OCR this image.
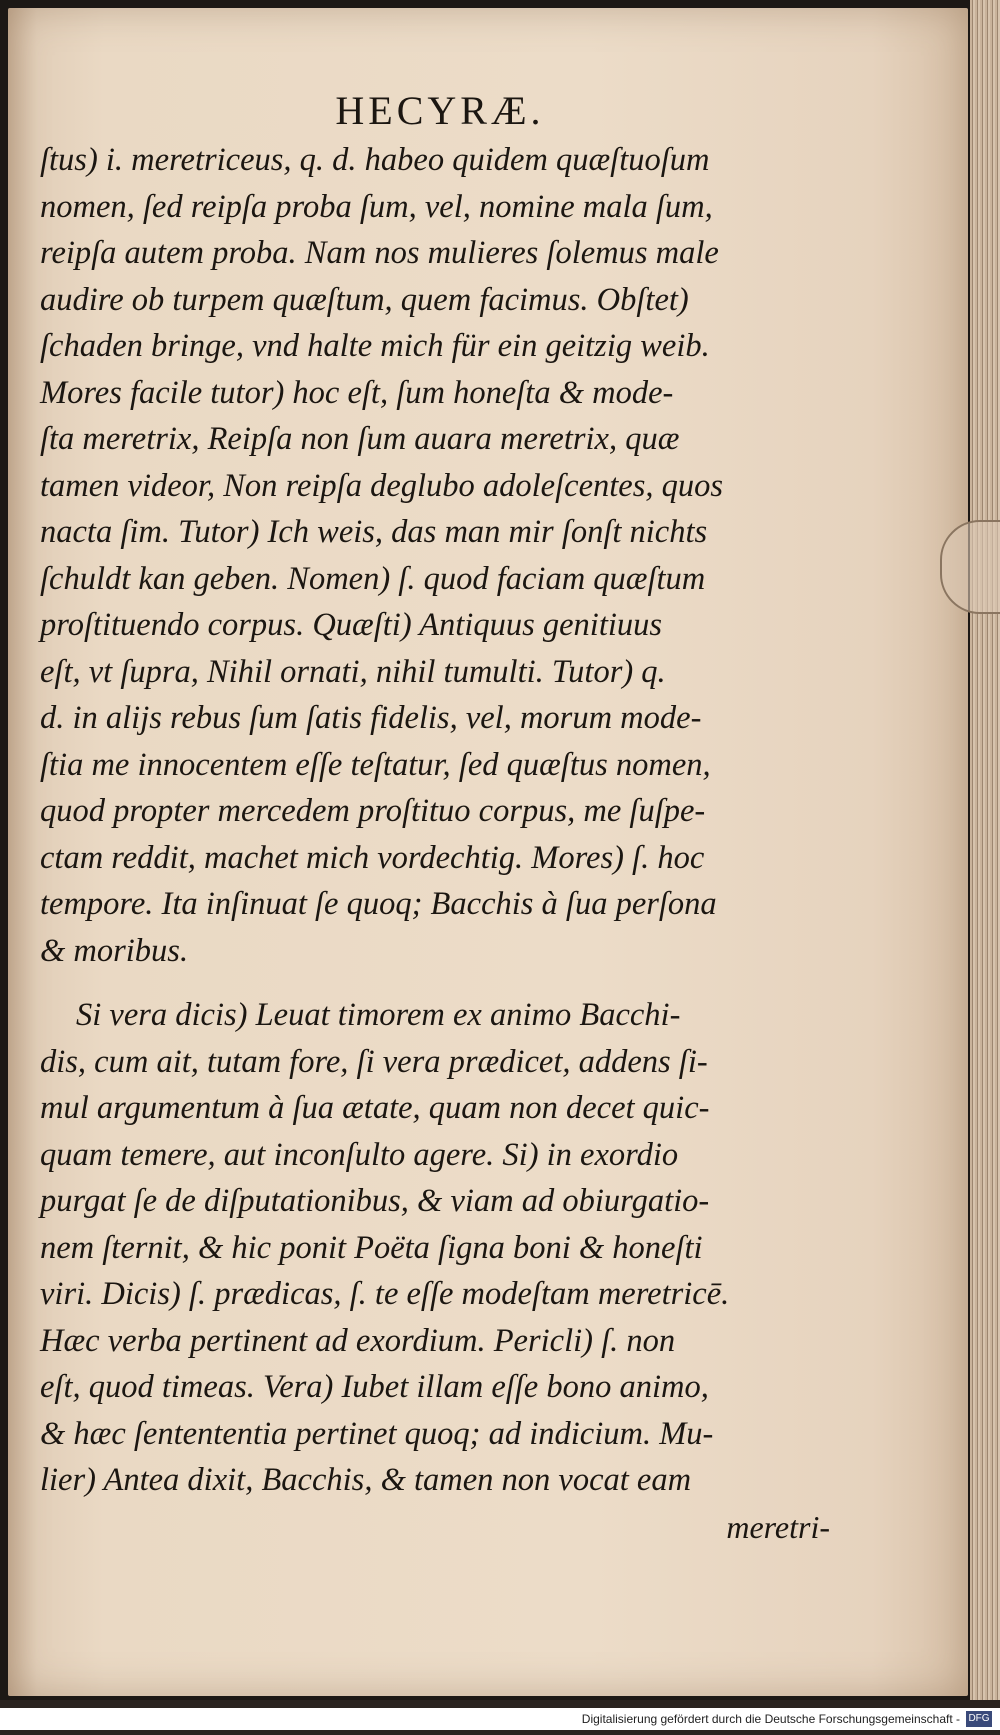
HECYRÆ.
ſtus) i. meretriceus, q. d. habeo quidem quæſtuoſum
nomen, ſed reipſa proba ſum, vel, nomine mala ſum,
reipſa autem proba. Nam nos mulieres ſolemus male
audire ob turpem quæſtum, quem facimus. Obſtet)
ſchaden bringe, vnd halte mich für ein geitzig weib.
Mores facile tutor) hoc eſt, ſum honeſta & mode-
ſta meretrix, Reipſa non ſum auara meretrix, quæ
tamen videor, Non reipſa deglubo adoleſcentes, quos
nacta ſim. Tutor) Ich weis, das man mir ſonſt nichts
ſchuldt kan geben. Nomen) ſ. quod faciam quæſtum
proſtituendo corpus. Quæſti) Antiquus genitiuus
eſt, vt ſupra, Nihil ornati, nihil tumulti. Tutor) q.
d. in alijs rebus ſum ſatis fidelis, vel, morum mode-
ſtia me innocentem eſſe teſtatur, ſed quæſtus nomen,
quod propter mercedem proſtituo corpus, me ſuſpe-
ctam reddit, machet mich vordechtig. Mores) ſ. hoc
tempore. Ita inſinuat ſe quoq; Bacchis à ſua perſona
& moribus.
Si vera dicis) Leuat timorem ex animo Bacchi-
dis, cum ait, tutam fore, ſi vera prædicet, addens ſi-
mul argumentum à ſua ætate, quam non decet quic-
quam temere, aut inconſulto agere. Si) in exordio
purgat ſe de diſputationibus, & viam ad obiurgatio-
nem ſternit, & hic ponit Poëta ſigna boni & honeſti
viri. Dicis) ſ. prædicas, ſ. te eſſe modeſtam meretricē.
Hæc verba pertinent ad exordium. Pericli) ſ. non
eſt, quod timeas. Vera) Iubet illam eſſe bono animo,
& hæc ſentententia pertinet quoq; ad indicium. Mu-
lier) Antea dixit, Bacchis, & tamen non vocat eam
meretri-
Digitalisierung gefördert durch die Deutsche Forschungsgemeinschaft - DFG
